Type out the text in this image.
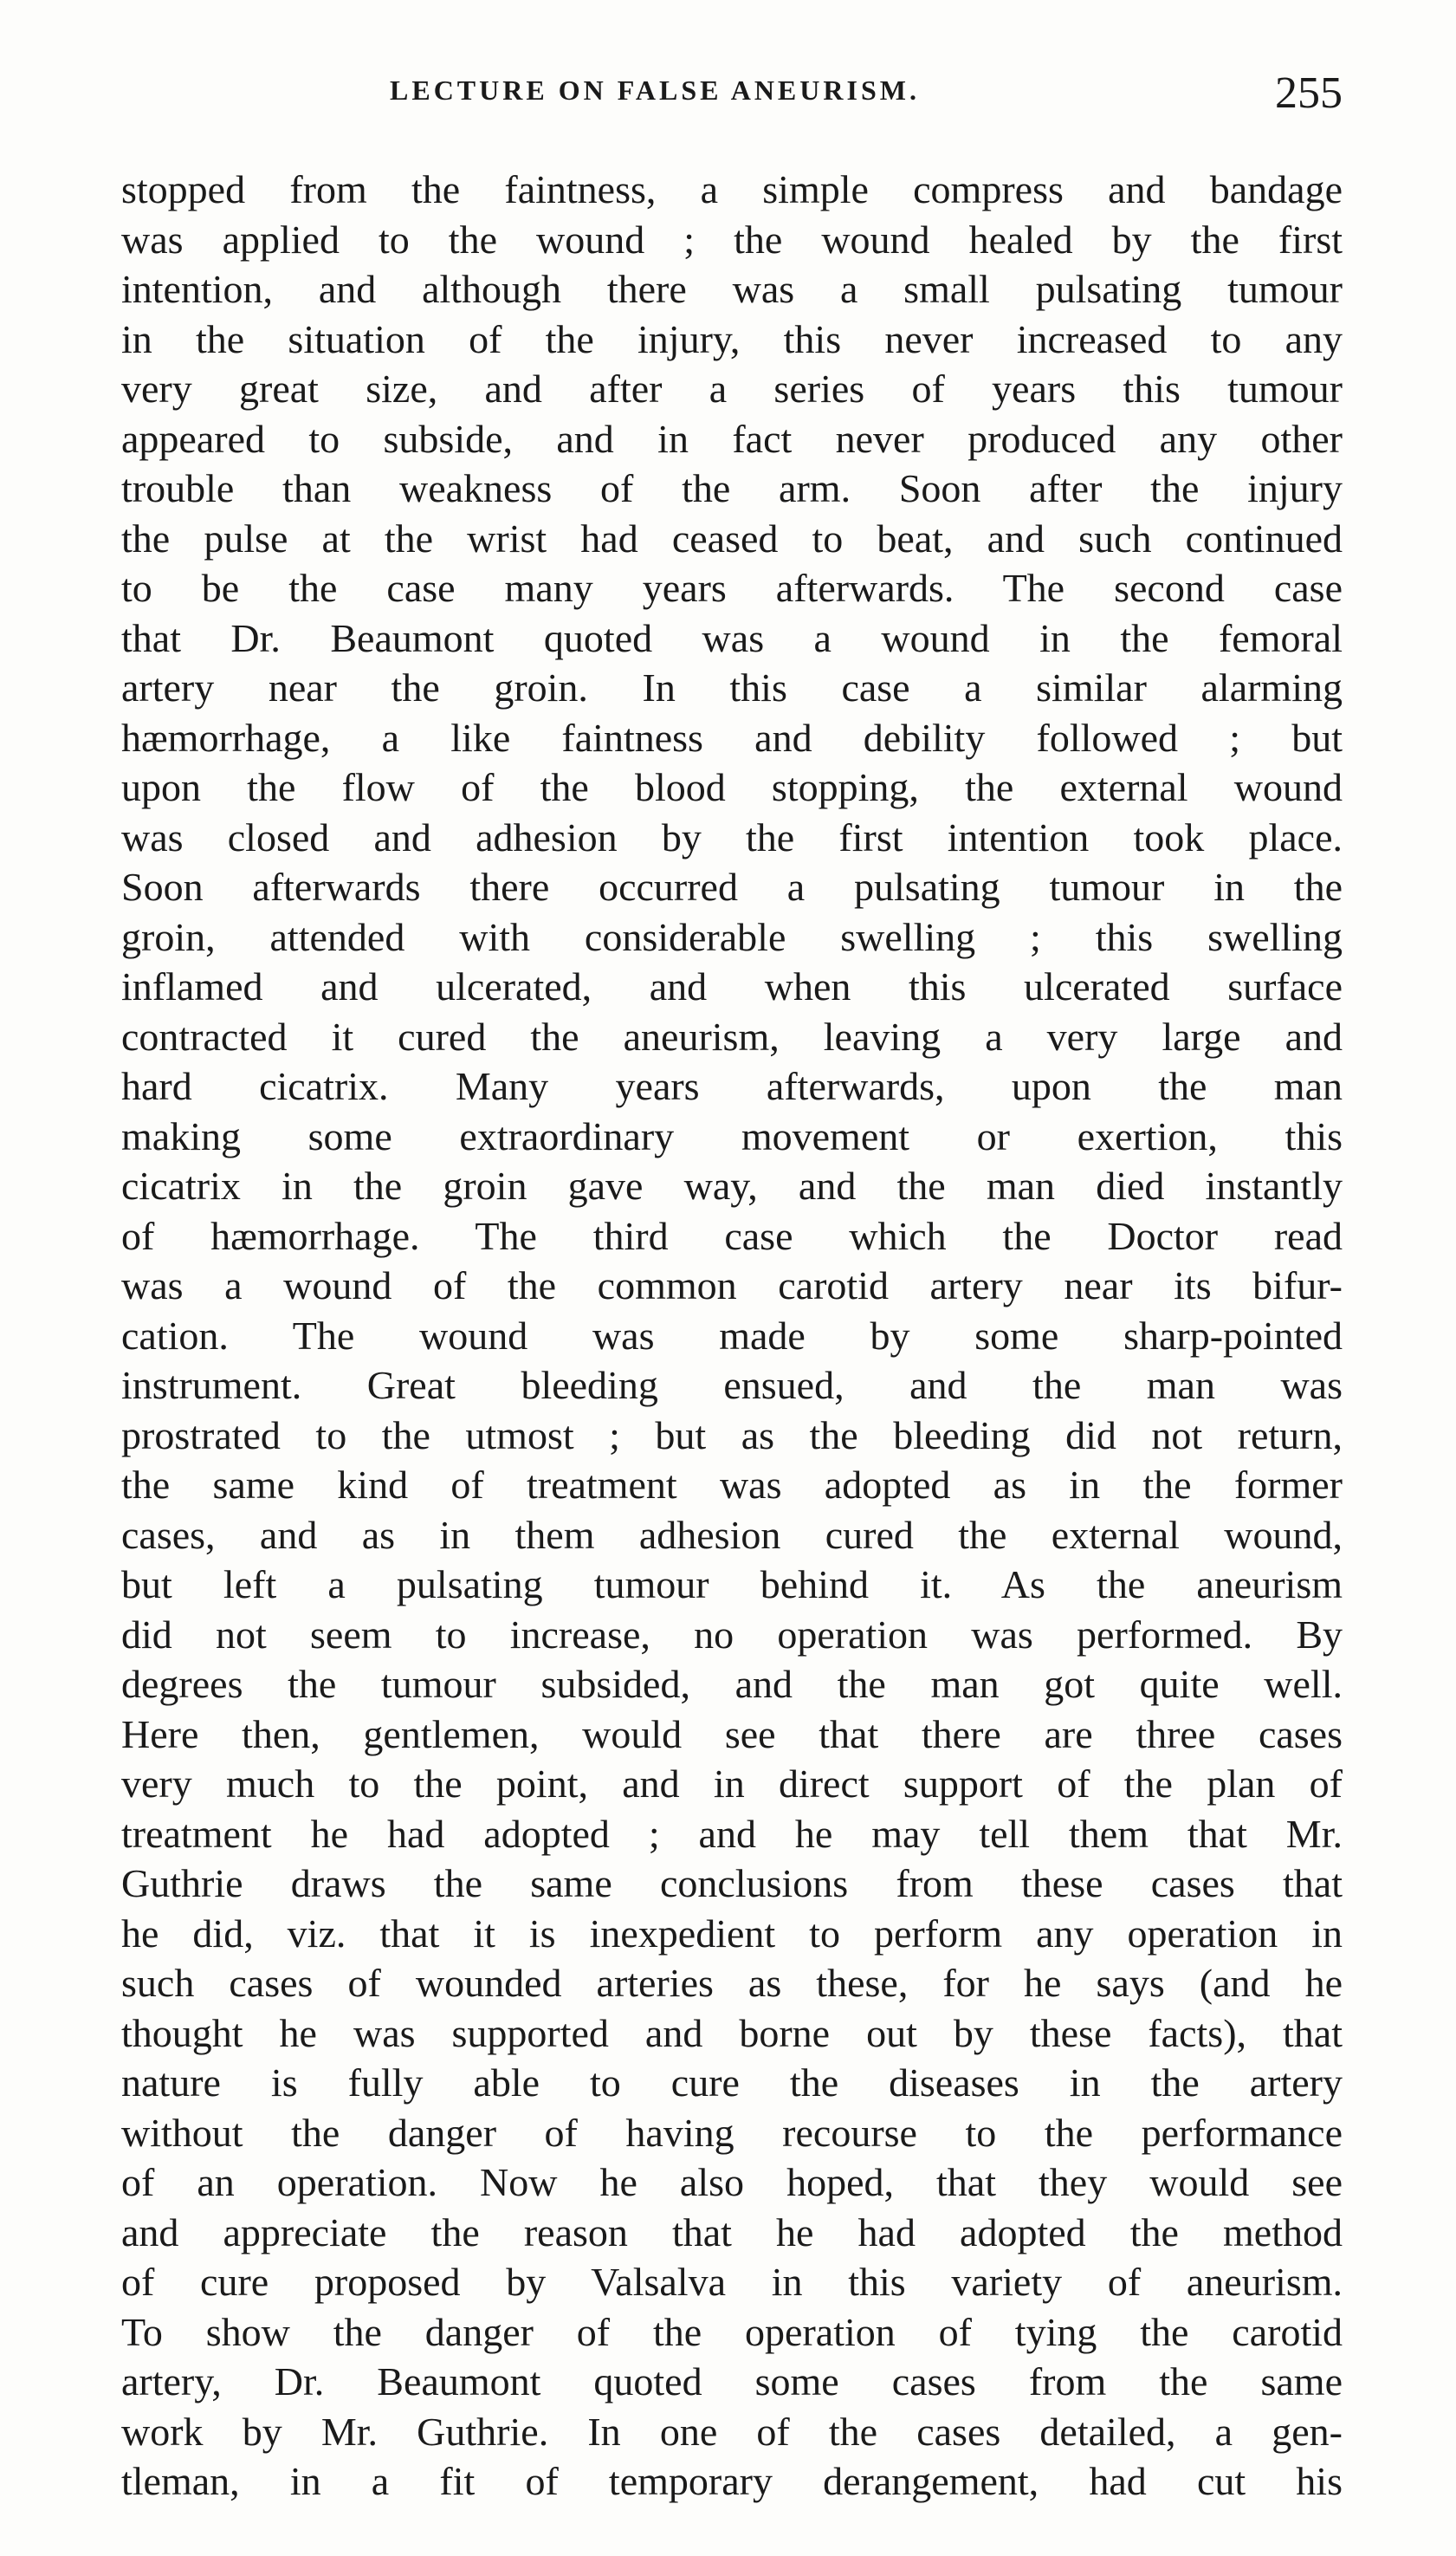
LECTURE ON FALSE ANEURISM.	255
stopped from the faintness, a simple compress and bandage
was applied to the wound ; the wound healed by the first
intention, and although there was a small pulsating tumour
in the situation of the injury, this never increased to any
very great size, and after a series of years this tumour
appeared to subside, and in fact never produced any other
trouble than weakness of the arm. Soon after the injury
the pulse at the wrist had ceased to beat, and such continued
to be the case many years afterwards. The second case
that Dr. Beaumont quoted was a wound in the femoral
artery near the groin. In this case a similar alarming
hæmorrhage, a like faintness and debility followed ; but
upon the flow of the blood stopping, the external wound
was closed and adhesion by the first intention took place.
Soon afterwards there occurred a pulsating tumour in the
groin, attended with considerable swelling ; this swelling
inflamed and ulcerated, and when this ulcerated surface
contracted it cured the aneurism, leaving a very large and
hard cicatrix. Many years afterwards, upon the man
making some extraordinary movement or exertion, this
cicatrix in the groin gave way, and the man died instantly
of hæmorrhage. The third case which the Doctor read
was a wound of the common carotid artery near its bifur-
cation. The wound was made by some sharp-pointed
instrument. Great bleeding ensued, and the man was
prostrated to the utmost ; but as the bleeding did not return,
the same kind of treatment was adopted as in the former
cases, and as in them adhesion cured the external wound,
but left a pulsating tumour behind it. As the aneurism
did not seem to increase, no operation was performed. By
degrees the tumour subsided, and the man got quite well.
Here then, gentlemen, would see that there are three cases
very much to the point, and in direct support of the plan of
treatment he had adopted ; and he may tell them that Mr.
Guthrie draws the same conclusions from these cases that
he did, viz. that it is inexpedient to perform any operation in
such cases of wounded arteries as these, for he says (and he
thought he was supported and borne out by these facts), that
nature is fully able to cure the diseases in the artery
without the danger of having recourse to the performance
of an operation. Now he also hoped, that they would see
and appreciate the reason that he had adopted the method
of cure proposed by Valsalva in this variety of aneurism.
To show the danger of the operation of tying the carotid
artery, Dr. Beaumont quoted some cases from the same
work by Mr. Guthrie. In one of the cases detailed, a gen-
tleman, in a fit of temporary derangement, had cut his
